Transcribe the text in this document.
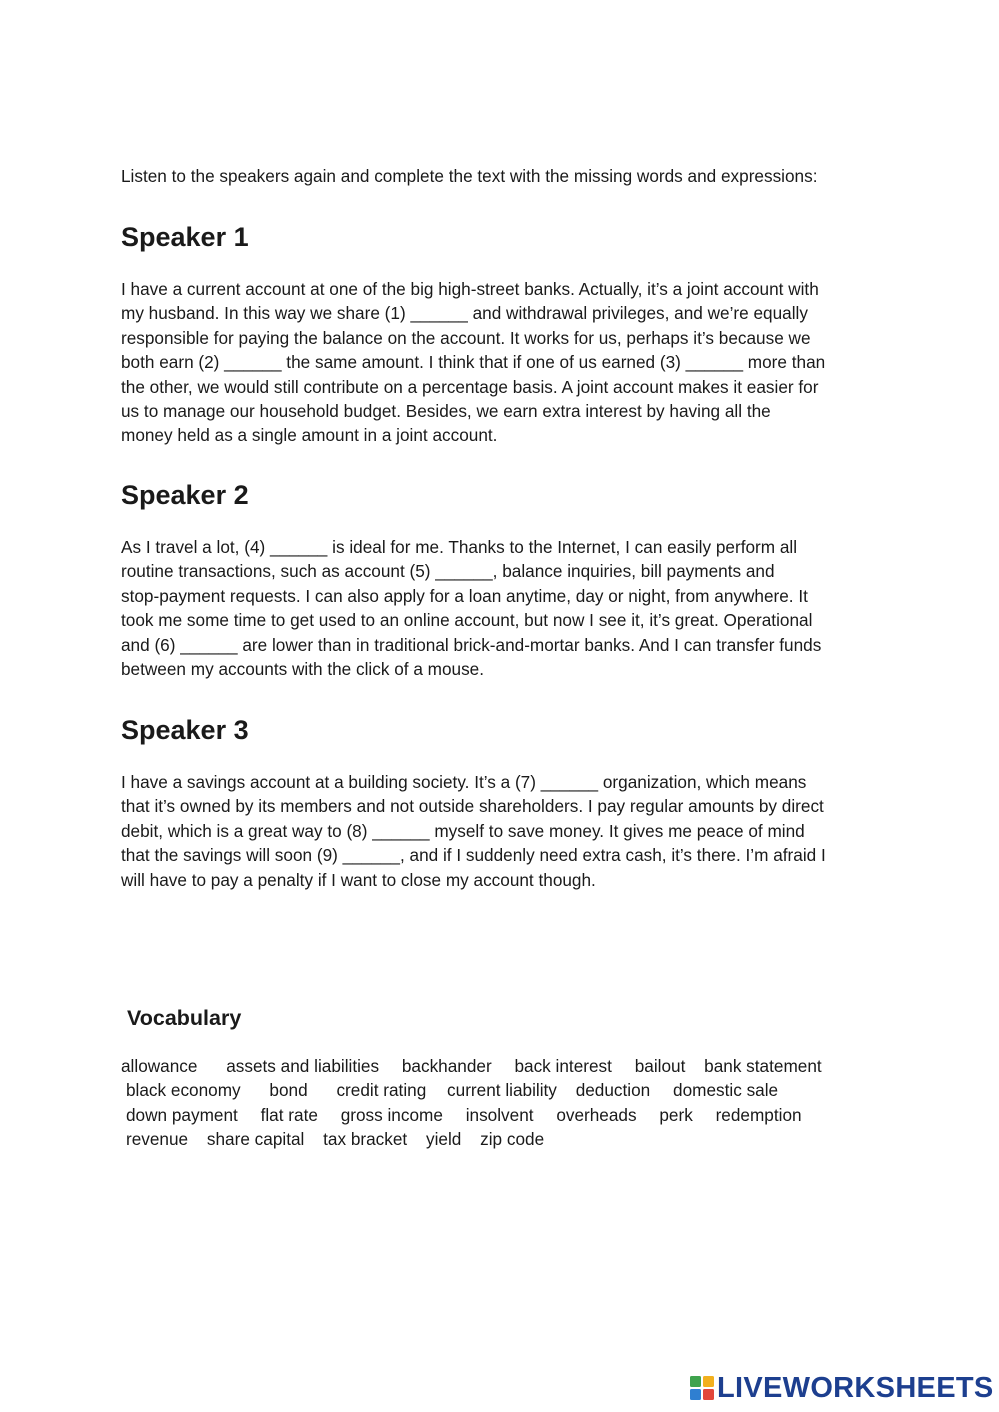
Listen to the speakers again and complete the text with the missing words and expressions:

Speaker 1
I have a current account at one of the big high-street banks. Actually, it’s a joint account with
my husband. In this way we share (1) ______ and withdrawal privileges, and we’re equally
responsible for paying the balance on the account. It works for us, perhaps it’s because we
both earn (2) ______ the same amount. I think that if one of us earned (3) ______ more than
the other, we would still contribute on a percentage basis. A joint account makes it easier for
us to manage our household budget. Besides, we earn extra interest by having all the
money held as a single amount in a joint account.
Speaker 2
As I travel a lot, (4) ______ is ideal for me. Thanks to the Internet, I can easily perform all
routine transactions, such as account (5) ______, balance inquiries, bill payments and
stop-payment requests. I can also apply for a loan anytime, day or night, from anywhere. It
took me some time to get used to an online account, but now I see it, it’s great. Operational
and (6) ______ are lower than in traditional brick-and-mortar banks. And I can transfer funds
between my accounts with the click of a mouse.
Speaker 3
I have a savings account at a building society. It’s a (7) ______ organization, which means
that it’s owned by its members and not outside shareholders. I pay regular amounts by direct
debit, which is a great way to (8) ______ myself to save money. It gives me peace of mind
that the savings will soon (9) ______, and if I suddenly need extra cash, it’s there. I’m afraid I
will have to pay a penalty if I want to close my account though.
Vocabulary
allowance assets and liabilities backhander back interest bailout bank statement
black economy bond credit rating current liability deduction domestic sale
down payment flat rate gross income insolvent overheads perk redemption
revenue share capital tax bracket yield zip code
LIVEWORKSHEETS
